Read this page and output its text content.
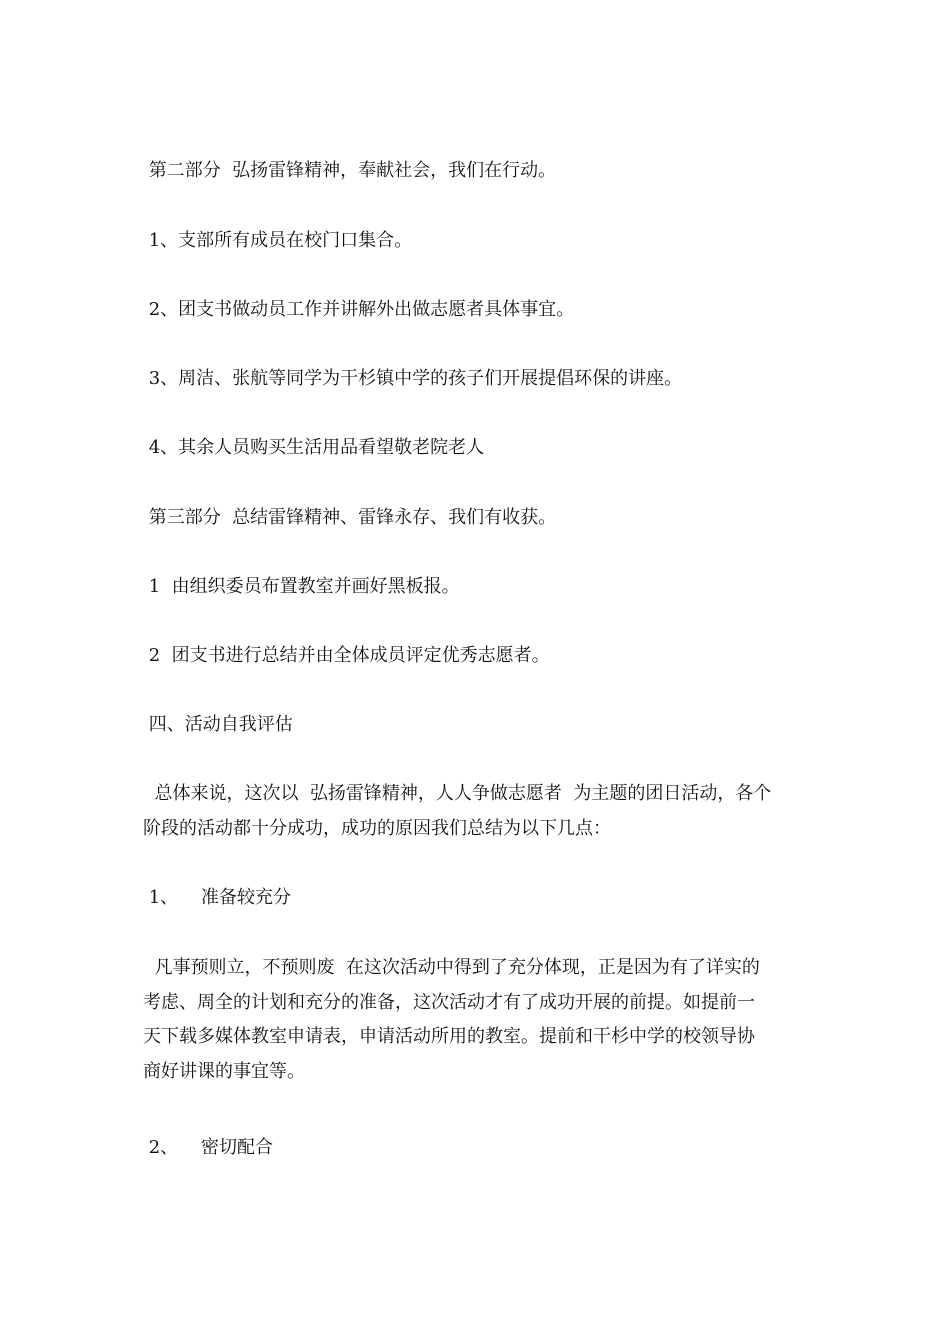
第二部分  弘扬雷锋精神，奉献社会，我们在行动。

1、支部所有成员在校门口集合。

2、团支书做动员工作并讲解外出做志愿者具体事宜。

3、周洁、张航等同学为干杉镇中学的孩子们开展提倡环保的讲座。

4、其余人员购买生活用品看望敬老院老人

第三部分  总结雷锋精神、雷锋永存、我们有收获。

1  由组织委员布置教室并画好黑板报。

2  团支书进行总结并由全体成员评定优秀志愿者。

四、活动自我评估

总体来说，这次以  弘扬雷锋精神，人人争做志愿者  为主题的团日活动，各个
阶段的活动都十分成功，成功的原因我们总结为以下几点：

1、    准备较充分

凡事预则立，不预则废  在这次活动中得到了充分体现，正是因为有了详实的
考虑、周全的计划和充分的准备，这次活动才有了成功开展的前提。如提前一
天下载多媒体教室申请表，申请活动所用的教室。提前和干杉中学的校领导协
商好讲课的事宜等。

2、    密切配合
